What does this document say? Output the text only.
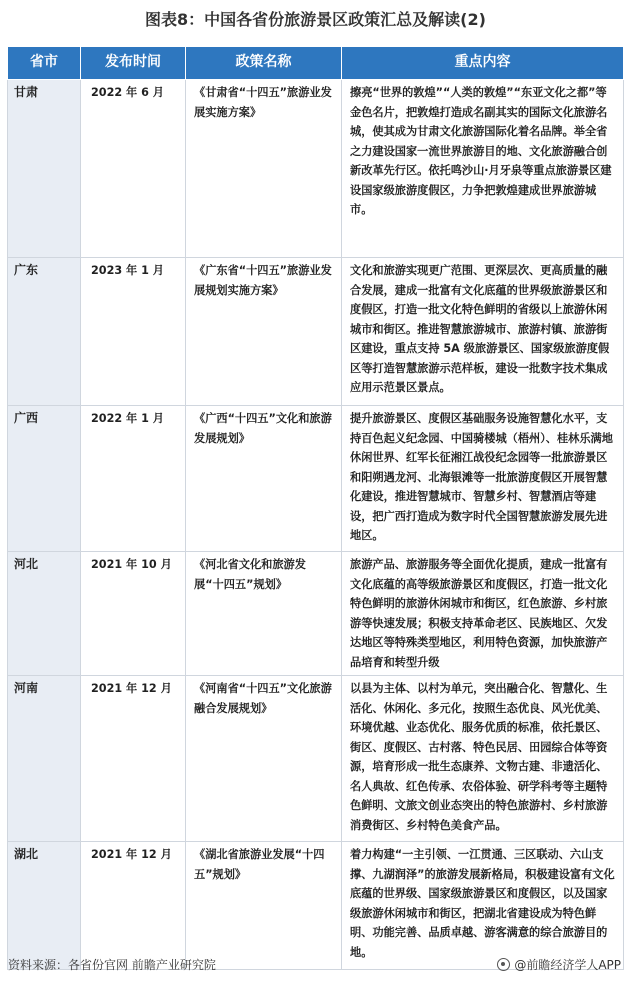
图表8：中国各省份旅游景区政策汇总及解读(2)
省市	发布时间	政策名称	重点内容
甘肃	2022 年 6 月	《甘肃省“十四五”旅游业发展实施方案》	擦亮“世界的敦煌”“人类的敦煌”“东亚文化之都”等金色名片，把敦煌打造成名副其实的国际文化旅游名城，使其成为甘肃文化旅游国际化着名品牌。举全省之力建设国家一流世界旅游目的地、文化旅游融合创新改革先行区。依托鸣沙山·月牙泉等重点旅游景区建设国家级旅游度假区，力争把敦煌建成世界旅游城市。
广东	2023 年 1 月	《广东省“十四五”旅游业发展规划实施方案》	文化和旅游实现更广范围、更深层次、更高质量的融合发展，建成一批富有文化底蕴的世界级旅游景区和度假区，打造一批文化特色鲜明的省级以上旅游休闲城市和街区。推进智慧旅游城市、旅游村镇、旅游街区建设，重点支持 5A 级旅游景区、国家级旅游度假区等打造智慧旅游示范样板，建设一批数字技术集成应用示范景区景点。
广西	2022 年 1 月	《广西“十四五”文化和旅游发展规划》	提升旅游景区、度假区基础服务设施智慧化水平，支持百色起义纪念园、中国骑楼城（梧州）、桂林乐满地休闲世界、红军长征湘江战役纪念园等一批旅游景区和阳朔遇龙河、北海银滩等一批旅游度假区开展智慧化建设，推进智慧城市、智慧乡村、智慧酒店等建设，把广西打造成为数字时代全国智慧旅游发展先进地区。
河北	2021 年 10 月	《河北省文化和旅游发展“十四五”规划》	旅游产品、旅游服务等全面优化提质，建成一批富有文化底蕴的高等级旅游景区和度假区，打造一批文化特色鲜明的旅游休闲城市和街区，红色旅游、乡村旅游等快速发展；积极支持革命老区、民族地区、欠发达地区等特殊类型地区，利用特色资源，加快旅游产品培育和转型升级
河南	2021 年 12 月	《河南省“十四五”文化旅游融合发展规划》	以县为主体、以村为单元，突出融合化、智慧化、生活化、休闲化、多元化，按照生态优良、风光优美、环境优越、业态优化、服务优质的标准，依托景区、街区、度假区、古村落、特色民居、田园综合体等资源，培育形成一批生态康养、文物古建、非遗活化、名人典故、红色传承、农俗体验、研学科考等主题特色鲜明、文旅文创业态突出的特色旅游村、乡村旅游消费街区、乡村特色美食产品。
湖北	2021 年 12 月	《湖北省旅游业发展“十四五”规划》	着力构建“一主引领、一江贯通、三区联动、六山支撑、九湖润泽”的旅游发展新格局，积极建设富有文化底蕴的世界级、国家级旅游景区和度假区，以及国家级旅游休闲城市和街区，把湖北省建设成为特色鲜明、功能完善、品质卓越、游客满意的综合旅游目的地。
资料来源：各省份官网 前瞻产业研究院	@前瞻经济学人APP
